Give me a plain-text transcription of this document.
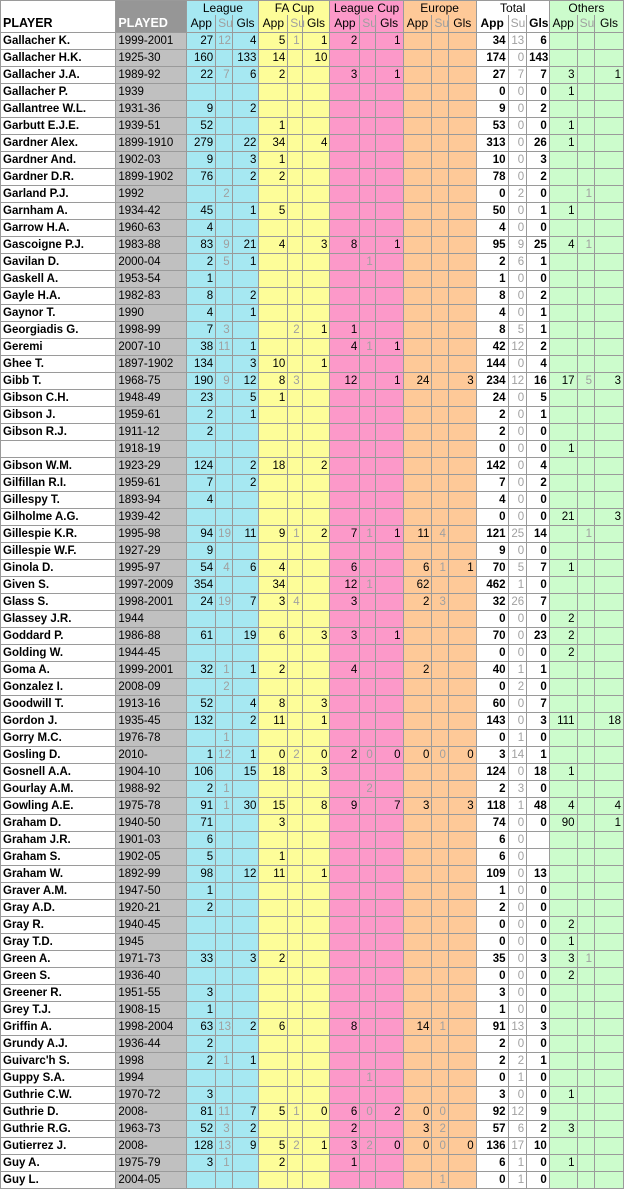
		League			FA Cup			League Cup			Europe			Total			Others		
PLAYER	PLAYED	App	Su	Gls	App	Su	Gls	App	Su	Gls	App	Su	Gls	App	Su	Gls	App	Su	Gls
Gallacher K.	1999-2001	27	12	4	5	1	1	2		1				34	13	6			
Gallacher H.K.	1925-30	160		133	14		10							174	0	143			
Gallacher J.A.	1989-92	22	7	6	2			3		1				27	7	7	3		1
Gallacher P.	1939													0	0	0	1		
Gallantree W.L.	1931-36	9		2										9	0	2			
Garbutt E.J.E.	1939-51	52			1									53	0	0	1		
Gardner Alex.	1899-1910	279		22	34		4							313	0	26	1		
Gardner And.	1902-03	9		3	1									10	0	3			
Gardner D.R.	1899-1902	76		2	2									78	0	2			
Garland P.J.	1992		2											0	2	0		1	
Garnham A.	1934-42	45		1	5									50	0	1	1		
Garrow H.A.	1960-63	4												4	0	0			
Gascoigne P.J.	1983-88	83	9	21	4		3	8		1				95	9	25	4	1	
Gavilan D.	2000-04	2	5	1					1					2	6	1			
Gaskell A.	1953-54	1												1	0	0			
Gayle H.A.	1982-83	8		2										8	0	2			
Gaynor T.	1990	4		1										4	0	1			
Georgiadis G.	1998-99	7	3			2	1	1						8	5	1			
Geremi	2007-10	38	11	1				4	1	1				42	12	2			
Ghee T.	1897-1902	134		3	10		1							144	0	4			
Gibb T.	1968-75	190	9	12	8	3		12		1	24		3	234	12	16	17	5	3
Gibson C.H.	1948-49	23		5	1									24	0	5			
Gibson J.	1959-61	2		1										2	0	1			
Gibson R.J.	1911-12	2												2	0	0			
	1918-19													0	0	0	1		
Gibson W.M.	1923-29	124		2	18		2							142	0	4			
Gilfillan R.I.	1959-61	7		2										7	0	2			
Gillespy T.	1893-94	4												4	0	0			
Gilholme A.G.	1939-42													0	0	0	21		3
Gillespie K.R.	1995-98	94	19	11	9	1	2	7	1	1	11	4		121	25	14		1	
Gillespie W.F.	1927-29	9												9	0	0			
Ginola D.	1995-97	54	4	6	4			6			6	1	1	70	5	7	1		
Given S.	1997-2009	354			34			12	1		62			462	1	0			
Glass S.	1998-2001	24	19	7	3	4		3			2	3		32	26	7			
Glassey J.R.	1944													0	0	0	2		
Goddard P.	1986-88	61		19	6		3	3		1				70	0	23	2		
Golding W.	1944-45													0	0	0	2		
Goma A.	1999-2001	32	1	1	2			4			2			40	1	1			
Gonzalez I.	2008-09		2											0	2	0			
Goodwill T.	1913-16	52		4	8		3							60	0	7			
Gordon J.	1935-45	132		2	11		1							143	0	3	111		18
Gorry M.C.	1976-78		1											0	1	0			
Gosling D.	2010-	1	12	1	0	2	0	2	0	0	0	0	0	3	14	1			
Gosnell A.A.	1904-10	106		15	18		3							124	0	18	1		
Gourlay A.M.	1988-92	2	1						2					2	3	0			
Gowling A.E.	1975-78	91	1	30	15		8	9		7	3		3	118	1	48	4		4
Graham D.	1940-50	71			3									74	0	0	90		1
Graham J.R.	1901-03	6												6	0				
Graham S.	1902-05	5			1									6	0				
Graham W.	1892-99	98		12	11		1							109	0	13			
Graver A.M.	1947-50	1												1	0	0			
Gray A.D.	1920-21	2												2	0	0			
Gray R.	1940-45													0	0	0	2		
Gray T.D.	1945													0	0	0	1		
Green A.	1971-73	33		3	2									35	0	3	3	1	
Green S.	1936-40													0	0	0	2		
Greener R.	1951-55	3												3	0	0			
Grey T.J.	1908-15	1												1	0	0			
Griffin A.	1998-2004	63	13	2	6			8			14	1		91	13	3			
Grundy A.J.	1936-44	2												2	0	0			
Guivarc'h S.	1998	2	1	1										2	2	1			
Guppy S.A.	1994								1					0	1	0			
Guthrie C.W.	1970-72	3												3	0	0	1		
Guthrie D.	2008-	81	11	7	5	1	0	6	0	2	0	0		92	12	9			
Guthrie R.G.	1963-73	52	3	2				2			3	2		57	6	2	3		
Gutierrez J.	2008-	128	13	9	5	2	1	3	2	0	0	0	0	136	17	10			
Guy A.	1975-79	3	1		2			1						6	1	0	1		
Guy L.	2004-05											1		0	1	0			
